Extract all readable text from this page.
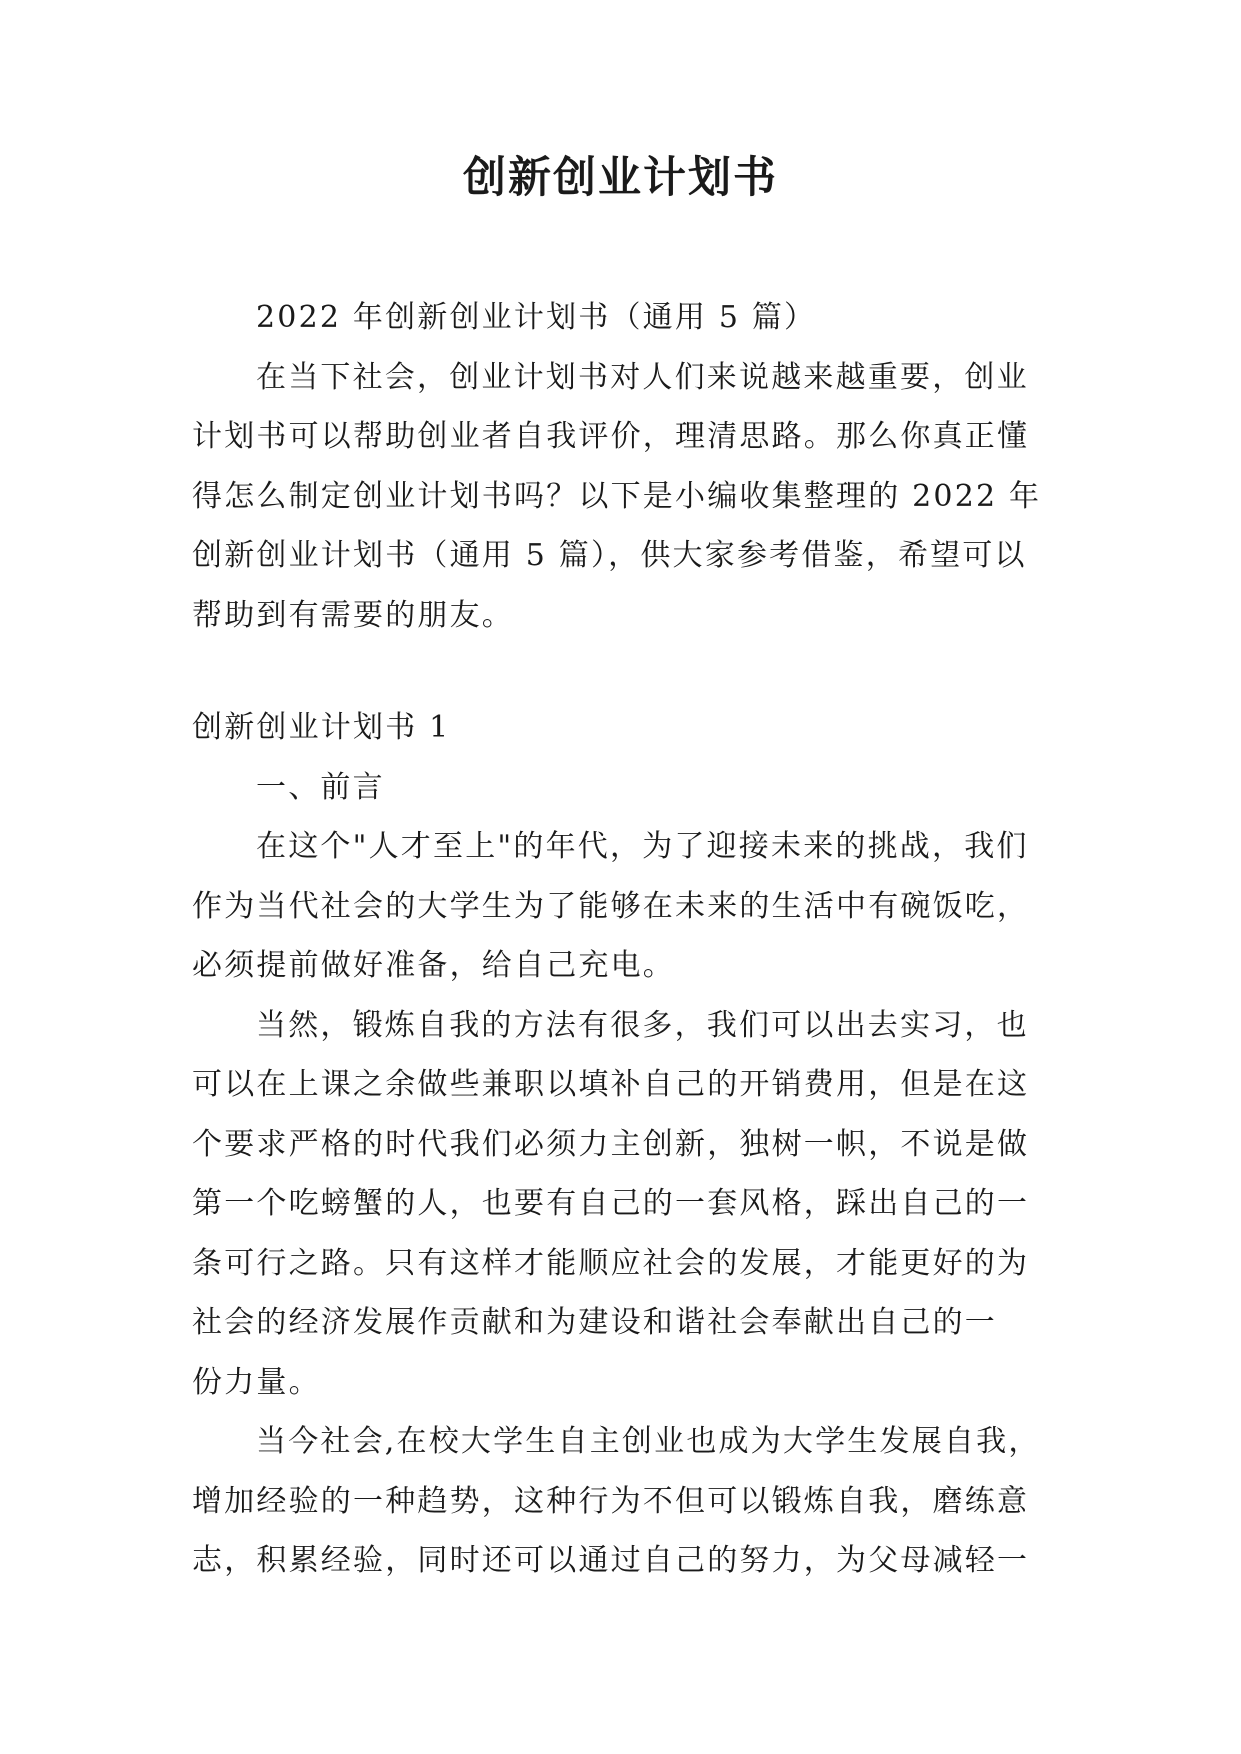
创新创业计划书
2022 年创新创业计划书（通用 5 篇）
在当下社会，创业计划书对人们来说越来越重要，创业
计划书可以帮助创业者自我评价，理清思路。那么你真正懂
得怎么制定创业计划书吗？以下是小编收集整理的 2022 年
创新创业计划书（通用 5 篇），供大家参考借鉴，希望可以
帮助到有需要的朋友。
创新创业计划书 1
一、前言
在这个"人才至上"的年代，为了迎接未来的挑战，我们
作为当代社会的大学生为了能够在未来的生活中有碗饭吃，
必须提前做好准备，给自己充电。
当然，锻炼自我的方法有很多，我们可以出去实习，也
可以在上课之余做些兼职以填补自己的开销费用，但是在这
个要求严格的时代我们必须力主创新，独树一帜，不说是做
第一个吃螃蟹的人，也要有自己的一套风格，踩出自己的一
条可行之路。只有这样才能顺应社会的发展，才能更好的为
社会的经济发展作贡献和为建设和谐社会奉献出自己的一
份力量。
当今社会,在校大学生自主创业也成为大学生发展自我，
增加经验的一种趋势，这种行为不但可以锻炼自我，磨练意
志，积累经验，同时还可以通过自己的努力，为父母减轻一
